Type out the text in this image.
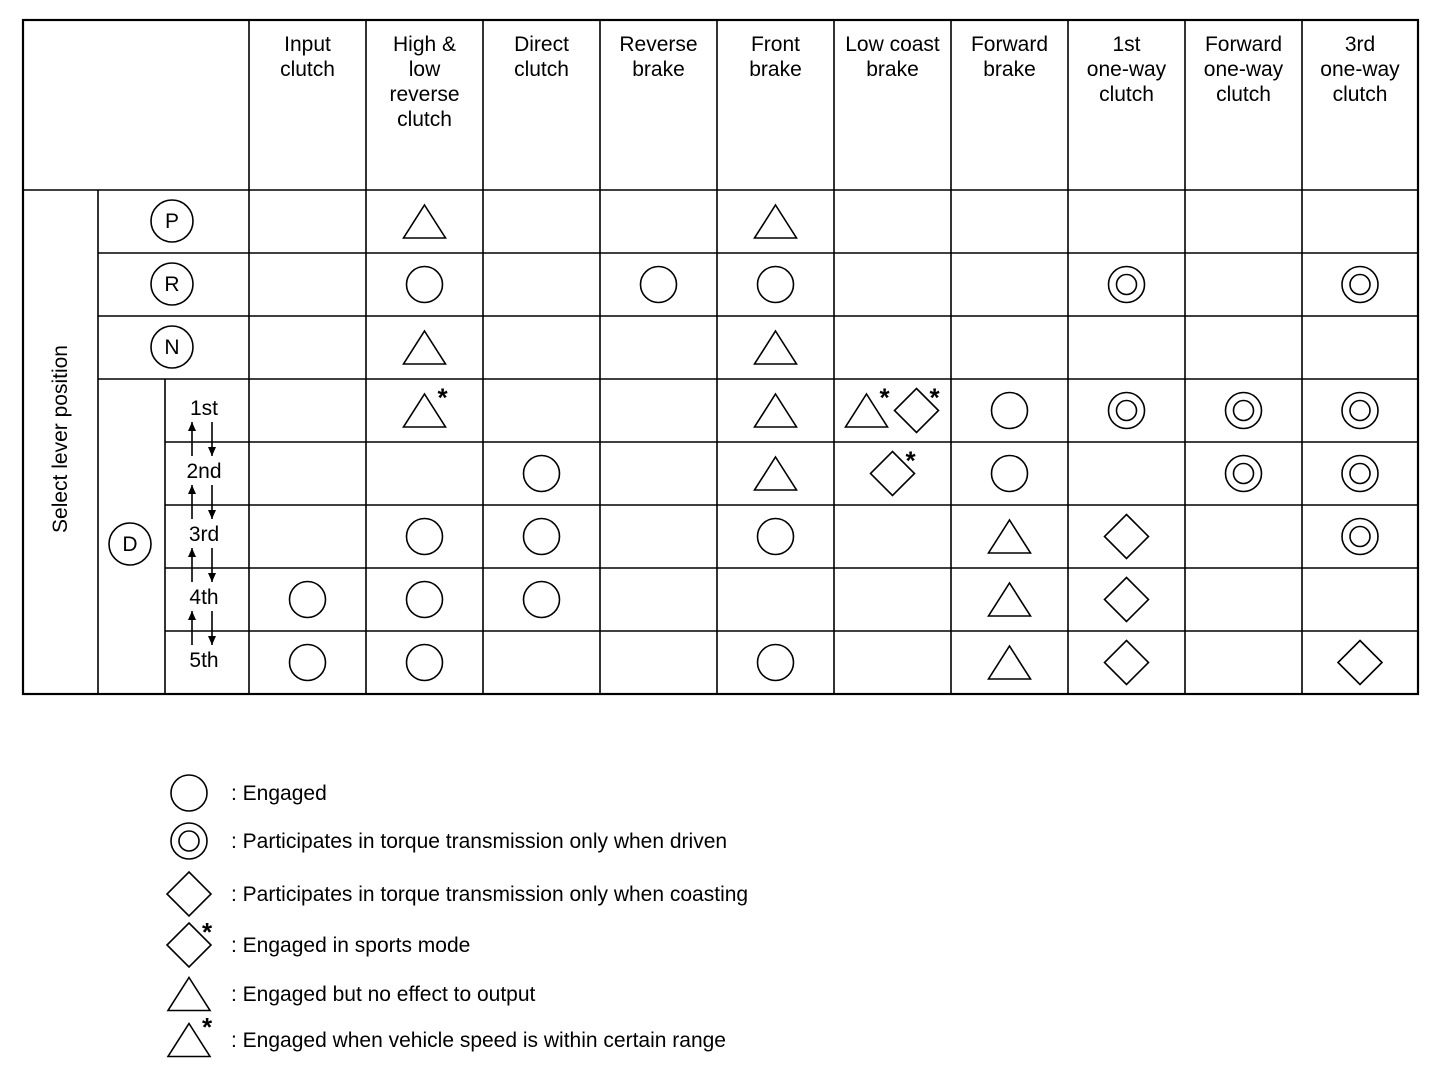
Input
clutch
High &
low
reverse
clutch
Direct
clutch
Reverse
brake
Front
brake
Low coast
brake
Forward
brake
1st
one-way
clutch
Forward
one-way
clutch
3rd
one-way
clutch
Select lever position
P
R
N
D
1st
2nd
3rd
4th
5th
*	* *
*
: Engaged
: Participates in torque transmission only when driven
: Participates in torque transmission only when coasting
* : Engaged in sports mode
: Engaged but no effect to output
* : Engaged when vehicle speed is within certain range
